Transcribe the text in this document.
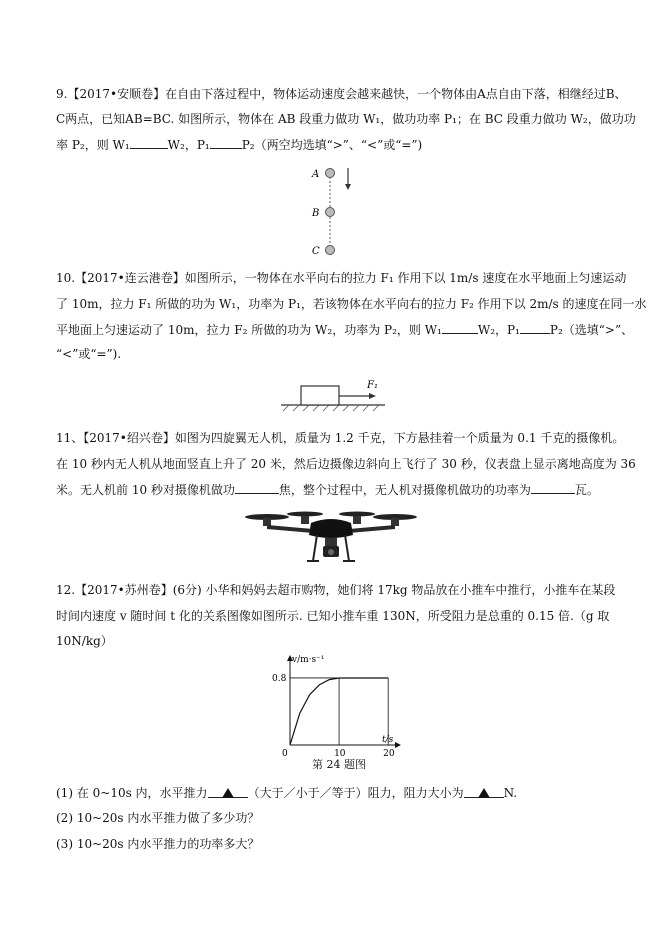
9.【2017•安顺卷】在自由下落过程中，物体运动速度会越来越快，一个物体由A点自由下落，相继经过B、
C两点，已知AB=BC. 如图所示，物体在 AB 段重力做功 W₁，做功功率 P₁；在 BC 段重力做功 W₂，做功功
率 P₂，则 W₁	W₂，P₁	P₂（两空均选填“>”、“<”或“=”)
A
B
C
10.【2017•连云港卷】如图所示，一物体在水平向右的拉力 F₁ 作用下以 1m/s 速度在水平地面上匀速运动
了 10m，拉力 F₁ 所做的功为 W₁，功率为 P₁，若该物体在水平向右的拉力 F₂ 作用下以 2m/s 的速度在同一水
平地面上匀速运动了 10m，拉力 F₂ 所做的功为 W₂，功率为 P₂，则 W₁	W₂，P₁	P₂（选填“>”、
“<”或“=”).
F₁
11、【2017•绍兴卷】如图为四旋翼无人机，质量为 1.2 千克，下方悬挂着一个质量为 0.1 千克的摄像机。
在 10 秒内无人机从地面竖直上升了 20 米，然后边摄像边斜向上飞行了 30 秒，仪表盘上显示离地高度为 36
米。无人机前 10 秒对摄像机做功	焦，整个过程中，无人机对摄像机做功的功率为	瓦。
12.【2017•苏州卷】(6分) 小华和妈妈去超市购物，她们将 17kg 物品放在小推车中推行，小推车在某段
时间内速度 v 随时间 t 化的关系图像如图所示. 已知小推车重 130N，所受阻力是总重的 0.15 倍.（g 取
10N/kg）
0	10	20
0.8
v/m·s⁻¹
t/s
第 24 题图
(1) 在 0~10s 内，水平推力	（大于／小于／等于）阻力，阻力大小为	N.
(2) 10~20s 内水平推力做了多少功？
(3) 10~20s 内水平推力的功率多大？
